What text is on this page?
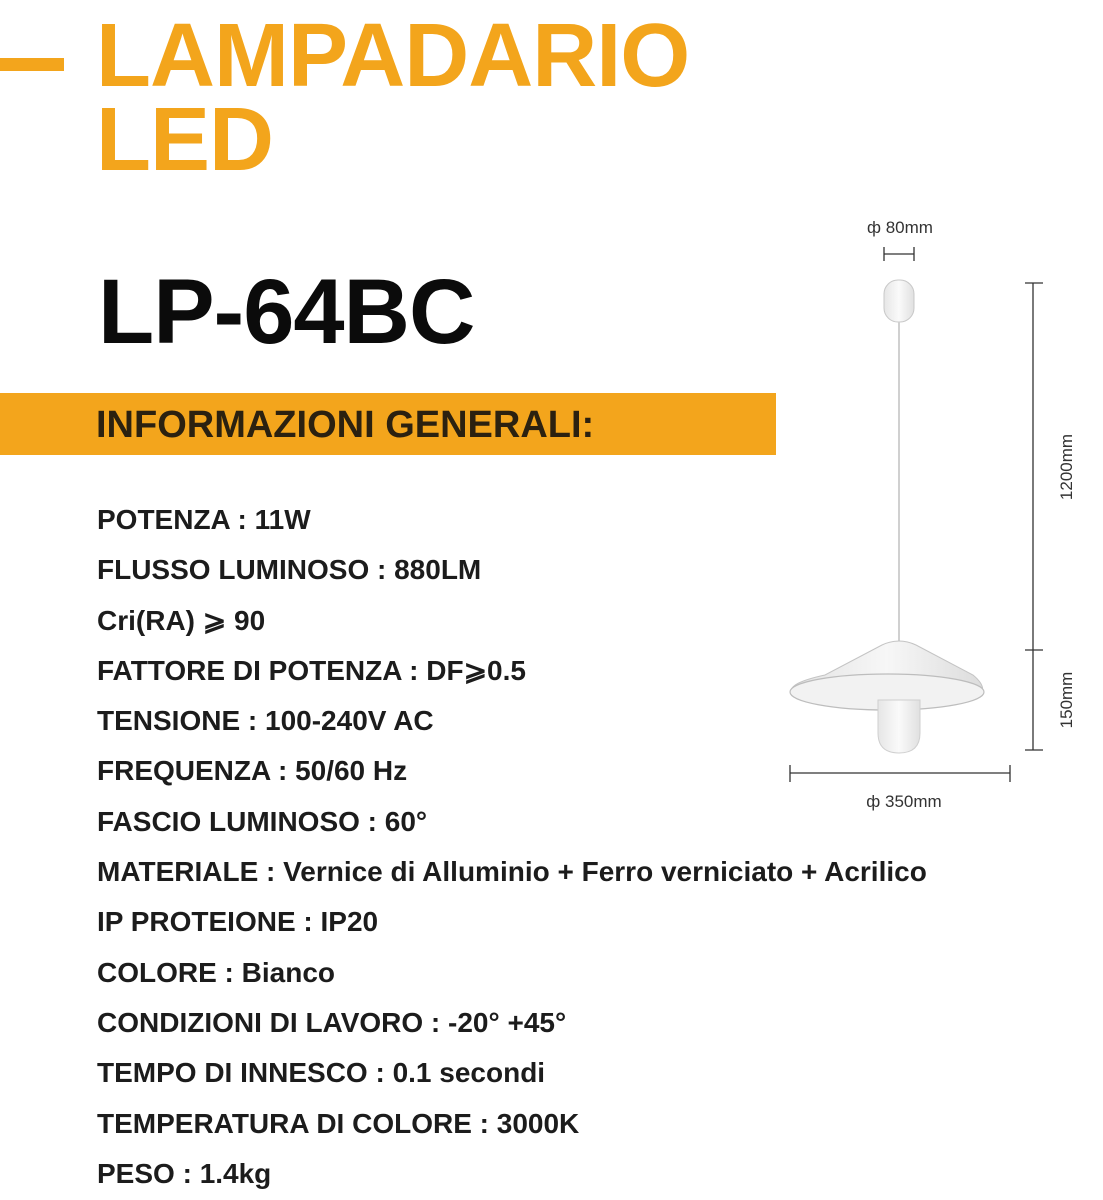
LAMPADARIO
LED
LP-64BC
INFORMAZIONI GENERALI:
POTENZA : 11W
FLUSSO LUMINOSO : 880LM
Cri(RA) ⩾ 90
FATTORE DI POTENZA : DF⩾0.5
TENSIONE : 100-240V AC
FREQUENZA : 50/60 Hz
FASCIO LUMINOSO : 60°
MATERIALE : Vernice di Alluminio + Ferro verniciato + Acrilico
IP PROTEIONE : IP20
COLORE : Bianco
CONDIZIONI DI LAVORO : -20° +45°
TEMPO DI INNESCO : 0.1 secondi
TEMPERATURA DI COLORE : 3000K
PESO : 1.4kg
ф 80mm
1200mm
150mm
ф 350mm
